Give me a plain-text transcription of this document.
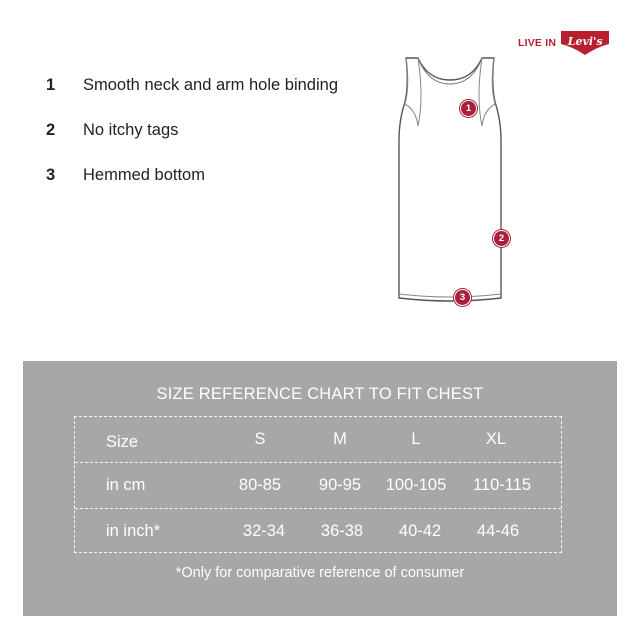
LIVE IN	Levi's
1 Smooth neck and arm hole binding
2 No itchy tags
3 Hemmed bottom
1
2
3
SIZE REFERENCE CHART TO FIT CHEST
Size	S	M	L	XL
in cm	80-85	90-95	100-105	110-115
in inch*	32-34	36-38	40-42	44-46
*Only for comparative reference of consumer
